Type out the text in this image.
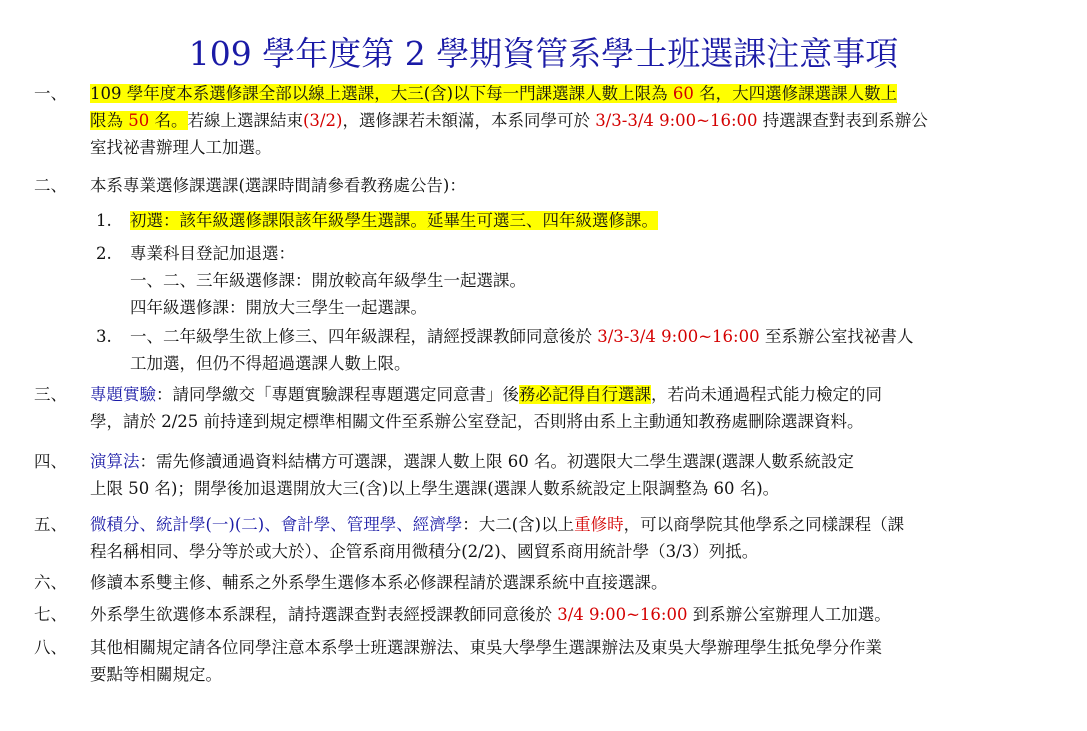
109 學年度第 2 學期資管系學士班選課注意事項
一、	109 學年度本系選修課全部以線上選課，大三(含)以下每一門課選課人數上限為 60 名，大四選修課選課人數上
限為 50 名。若線上選課結束(3/2)，選修課若未額滿，本系同學可於 3/3-3/4 9:00~16:00 持選課查對表到系辦公
室找祕書辦理人工加選。
二、	本系專業選修課選課(選課時間請參看教務處公告)：
1.	初選：該年級選修課限該年級學生選課。延畢生可選三、四年級選修課。
2.	專業科目登記加退選：
一、二、三年級選修課：開放較高年級學生一起選課。
四年級選修課：開放大三學生一起選課。
3.	一、二年級學生欲上修三、四年級課程，請經授課教師同意後於 3/3-3/4 9:00~16:00 至系辦公室找祕書人
工加選，但仍不得超過選課人數上限。
三、	專題實驗：請同學繳交「專題實驗課程專題選定同意書」後務必記得自行選課，若尚未通過程式能力檢定的同
學，請於 2/25 前持達到規定標準相關文件至系辦公室登記，否則將由系上主動通知教務處刪除選課資料。
四、	演算法：需先修讀通過資料結構方可選課，選課人數上限 60 名。初選限大二學生選課(選課人數系統設定
上限 50 名)；開學後加退選開放大三(含)以上學生選課(選課人數系統設定上限調整為 60 名)。
五、	微積分、統計學(一)(二)、會計學、管理學、經濟學：大二(含)以上重修時，可以商學院其他學系之同樣課程（課
程名稱相同、學分等於或大於）、企管系商用微積分(2/2)、國貿系商用統計學（3/3）列抵。
六、	修讀本系雙主修、輔系之外系學生選修本系必修課程請於選課系統中直接選課。
七、	外系學生欲選修本系課程，請持選課查對表經授課教師同意後於 3/4 9:00~16:00 到系辦公室辦理人工加選。
八、	其他相關規定請各位同學注意本系學士班選課辦法、東吳大學學生選課辦法及東吳大學辦理學生抵免學分作業
要點等相關規定。
